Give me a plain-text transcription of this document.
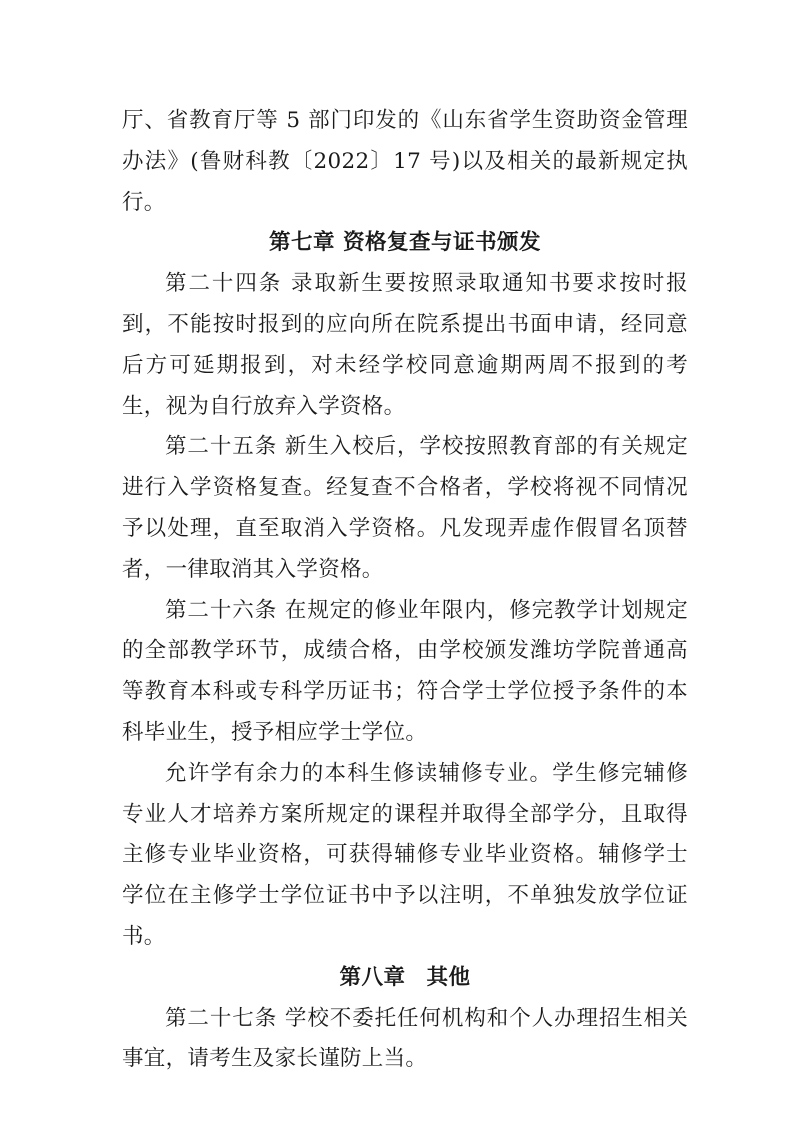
厅、省教育厅等 5 部门印发的《山东省学生资助资金管理办法》(鲁财科教〔2022〕17 号)以及相关的最新规定执行。

第七章 资格复查与证书颁发

第二十四条 录取新生要按照录取通知书要求按时报到，不能按时报到的应向所在院系提出书面申请，经同意后方可延期报到，对未经学校同意逾期两周不报到的考生，视为自行放弃入学资格。

第二十五条 新生入校后，学校按照教育部的有关规定进行入学资格复查。经复查不合格者，学校将视不同情况予以处理，直至取消入学资格。凡发现弄虚作假冒名顶替者，一律取消其入学资格。

第二十六条 在规定的修业年限内，修完教学计划规定的全部教学环节，成绩合格，由学校颁发潍坊学院普通高等教育本科或专科学历证书；符合学士学位授予条件的本科毕业生，授予相应学士学位。

允许学有余力的本科生修读辅修专业。学生修完辅修专业人才培养方案所规定的课程并取得全部学分，且取得主修专业毕业资格，可获得辅修专业毕业资格。辅修学士学位在主修学士学位证书中予以注明，不单独发放学位证书。

第八章 其他

第二十七条 学校不委托任何机构和个人办理招生相关事宜，请考生及家长谨防上当。
